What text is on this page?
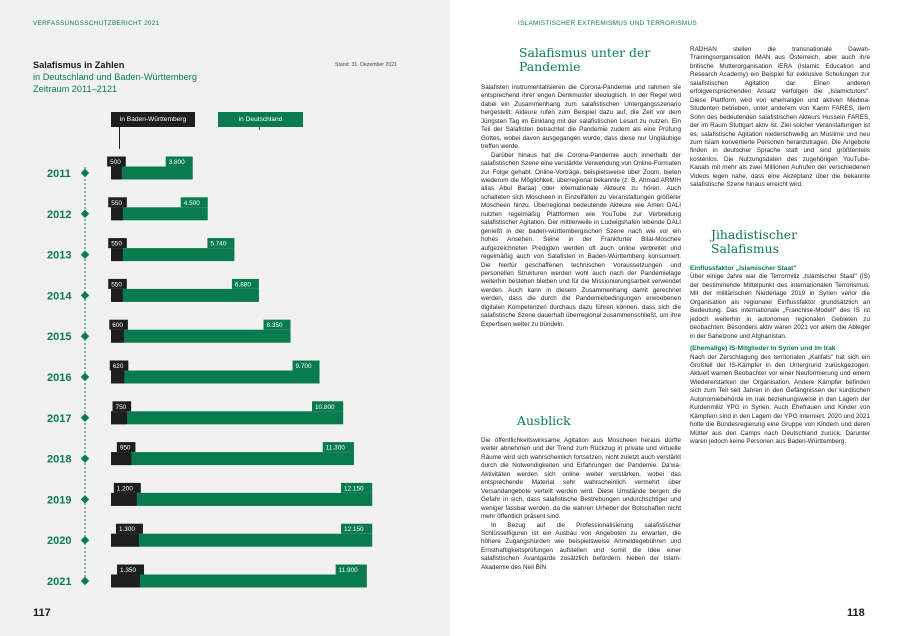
VERFASSUNGSSCHUTZBERICHT 2021
Salafismus in Zahlen
in Deutschland und Baden-Württemberg
Zeitraum 2011–2121
Stand: 31. Dezember 2021
in Baden-Württemberg	in Deutschland
117
2011
500	3.800
2012
550	4.500
2013
550	5.740
2014
550	6.880
2015
600	8.350
2016
620	9.700
2017
750	10.800
2018
950	11.300
2019
1.200	12.150
2020
1.300	12.150
2021
1.350	11.900
ISLAMISTISCHER EXTREMISMUS UND TERRORISMUS
Salafismus unter der Pandemie

Salafisten instrumentalisieren die Corona-Pandemie und rahmen sie entsprechend ihrer engen Denkmuster ideologisch. In der Regel wird dabei ein Zusammenhang zum salafistischen Untergangsszenario hergestellt: Akteure rufen zum Beispiel dazu auf, die Zeit vor dem Jüngsten Tag im Einklang mit der salafistischen Lesart zu nutzen. Ein Teil der Salafisten betrachtet die Pandemie zudem als eine Prüfung Gottes, wobei davon ausgegangen wurde, dass diese nur Ungläubige treffen werde.

Darüber hinaus hat die Corona-Pandemie auch innerhalb der salafistischen Szene eine verstärkte Verwendung von Online-Formaten zur Folge gehabt. Online-Vorträge, beispielsweise über Zoom, bieten wiederum die Möglichkeit, überregional bekannte (z. B. Ahmad ARMIH alias Abul Baraa) oder internationale Akteure zu hören. Auch schalteten sich Moscheen in Einzelfällen zu Veranstaltungen größerer Moscheen hinzu. Überregional bedeutende Akteure wie Amen DALI nutzten regelmäßig Plattformen wie YouTube zur Verbreitung salafistischer Agitation. Der mittlerweile in Ludwigshafen lebende DALI genießt in der baden-württembergischen Szene nach wie vor ein hohes Ansehen. Seine in der Frankfurter Bilal-Moschee aufgezeichneten Predigten werden oft auch online verbreitet und regelmäßig auch von Salafisten in Baden-Württemberg konsumiert. Die hierfür geschaffenen technischen Voraussetzungen und personellen Strukturen werden wohl auch nach der Pandemielage weiterhin bestehen bleiben und für die Missionierungsarbeit verwendet werden. Auch kann in diesem Zusammenhang damit gerechnet werden, dass die durch die Pandemiebedingungen erwoebenen digitalen Kompetenzen durchaus dazu führen können, dass sich die salafistische Szene dauerhaft überregional zusammenschließt, um ihre Expertisen weiter zu bündeln.

Ausblick

Die öffentlichkeitswirksame Agitation aus Moscheen heraus dürfte weiter abnehmen und der Trend zum Rückzug in private und virtuelle Räume wird sich wahrscheinlich fortsetzen, nicht zuletzt auch verstärkt durch die Notwendigkeiten und Erfahrungen der Pandemie. Da'wa-Aktivitäten werden sich online weiter verstärken, wobei das entsprechende Material sehr wahrscheinlich vermehrt über Versandangebote verteilt werden wird. Diese Umstände bergen die Gefahr in sich, dass salafistische Bestrebungen undurchschtiger und weniger fassbar werden, da die wahren Urheber der Botschaften nicht mehr öffentlich präsent sind.

In Bezug auf die Professionalisierung salafistischer Schlüsselfiguren ist ein Ausbau von Angeboten zu erwarten, die höhere Zugangshürden wie beispielsweise Anmeldegebühren und Ernsthaftigkeitsprüfungen aufstellen und somit die Idee einer salafistischen Avantgarde zusätzlich befördern. Neben der Islam-Akademie des Neil BIN

RADHAN stellen die transnationale Dawah-Trainingsorganisation IMAN aus Österreich, aber auch ihre britische Mutterorganisation iERA (Islamic Education and Research Academy) ein Beispiel für exklusive Schulungen zur salafistischen Agitation dar. Einen anderen erfolgversprechenden Ansatz verfolgen die „Islamictutors". Diese Plattform wird von ehemaligen und aktiven Medina-Studenten betrieben, unter anderem von Karim FARES, dem Sohn des bedeutenden salafistischen Akteurs Hussein FARES, der im Raum Stuttgart aktiv ist. Ziel solcher Veranstaltungen ist es, salafistische Agitation niederschwellig an Muslime und neu zum Islam konvertierte Personen heranzutragen. Die Angebote finden in deutscher Sprache statt und sind größtenteils kostenlos. Die Nutzungsdaten des zugehörigen YouTube-Kanals mit mehr als zwei Millionen Aufrufen der verschiedenen Videos legen nahe, dass eine Akzeptanz über die bekannte salafistische Szene hinaus erreicht wird.

Jihadistischer Salafismus

Einflussfaktor „Islamischer Staat"

Über einige Jahre war die Terrormiliz „Islamischer Staat" (IS) der bestimmende Mittelpunkt des internationalen Terrorismus. Mit der militärischen Niederlage 2019 in Syrien verlor die Organisation als regionaler Einflussfaktor grundsätzlich an Bedeutung. Das internationale „Franchise-Modell" des IS ist jedoch weiterhin in autonomen regionalen Gebieten zu beobachten. Besonders aktiv waren 2021 vor allem die Ableger in der Sahelzone und Afghanistan.

(Ehemalige) IS-Mitglieder in Syrien und im Irak

Nach der Zerschlagung des territorialen „Kalifats" hat sich ein Großteil der IS-Kämpfer in den Untergrund zurückgezogen. Aktuell warnen Beobachter vor einer Neuformierung und einem Wiedererstarken der Organisation. Andere Kämpfer befinden sich zum Teil seit Jahren in den Gefängnissen der kurdischen Autonomiebehörde im Irak beziehungsweise in den Lagern der Kurdenmiliz YPG in Syrien. Auch Ehefrauen und Kinder von Kämpfern sind in den Lagern der YPG interniert. 2020 und 2021 holte die Bundesregierung eine Gruppe von Kindern und deren Mütter aus den Camps nach Deutschland zurück. Darunter waren jedoch keine Personen aus Baden-Württemberg.

118
